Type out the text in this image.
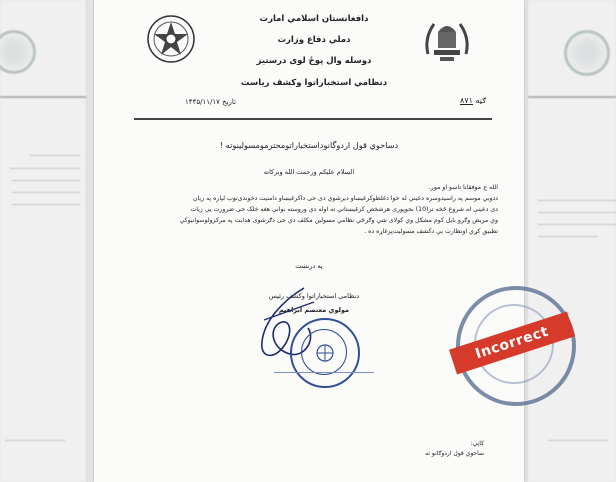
دافغانستان اسلامي امارت
دملي دفاع وزارت
دوسله وال پوځ لوی درستیز
دنظامي استخباراتوا وكشف رياست
ګڼه ۸۷۱
تاريخ ۱۴۴۵/۱۱/۱۷
دساحوي قول اردوگانوداستخباراتومحترمومسولينوته !
السلام عليكم ورحمت الله وبركاته
الله ج موفقانا تاسو او موږ.
ددوبي موسم په راسيدوسره دعينې له خوا دغلطوکرغيښاو ديرشوي دی حی داکرغيښاو دامنيت دخوندي‌توب لپاره په زيان
دی دعينې له شروع څخه تر(10) بجوپوری هرشخص کرغيښتاني ته اوله دي وروسته بوانې هغه خلک حی ضرورت يې زيات
وي مريض وګرو بايل کوم مشکل وي کولای شي وګرځي نظامي مسولين مكلف دي حی دګرشوی هدايت په مرکزولوسوانيوکي
تطبيق کړي اونظارت يې دکشف مسوليت‌پرغاړه ده .
په درنښت
دنظامی استخباراتوا وكشف رئيس
مولوي معتصم ابراهيم
کاپي:
ساحوي قول اردوګانو ته
Incorrect
